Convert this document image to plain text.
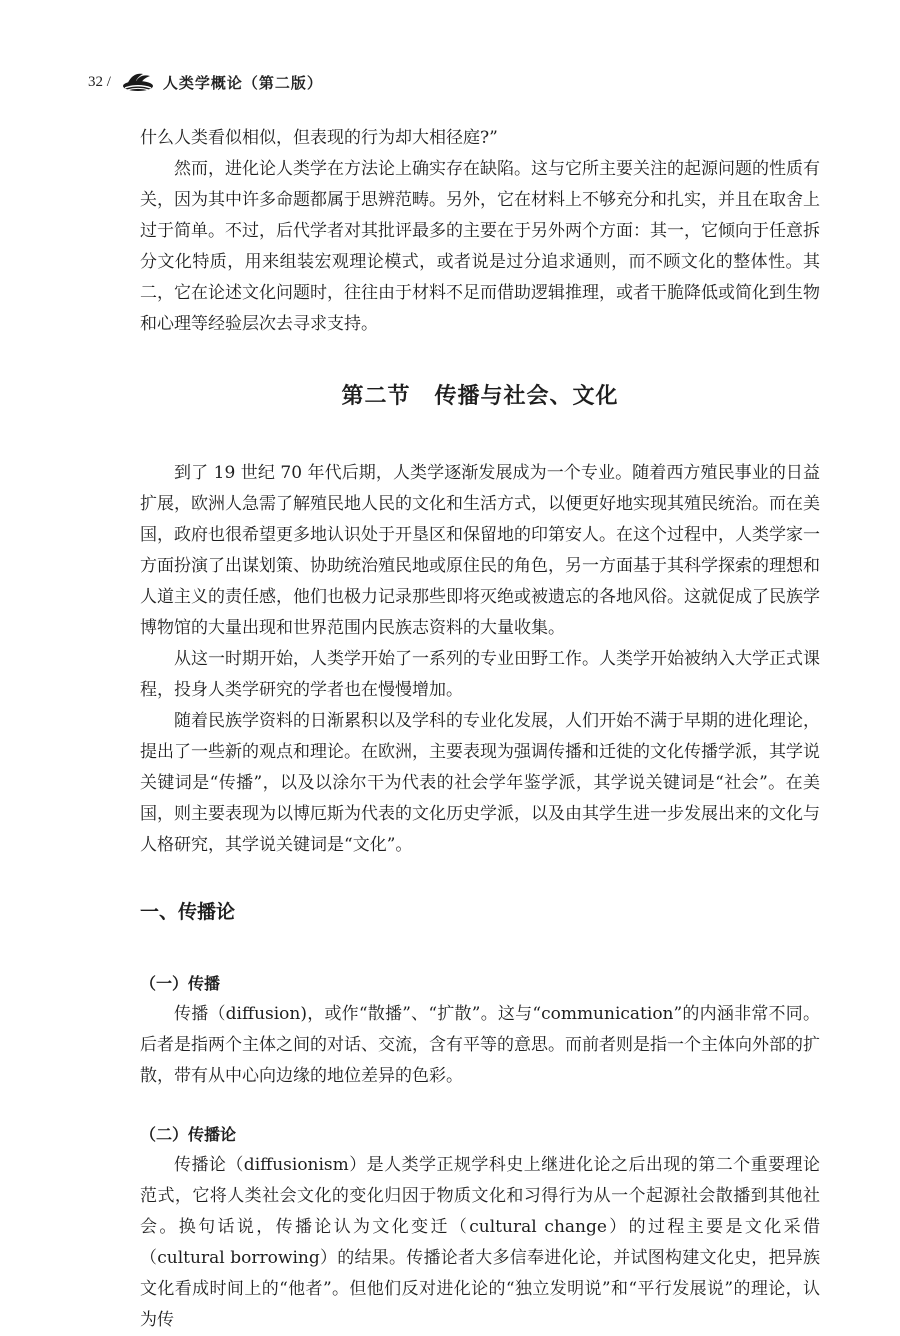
32 /	人类学概论（第二版）

什么人类看似相似，但表现的行为却大相径庭?”

然而，进化论人类学在方法论上确实存在缺陷。这与它所主要关注的起源问题的性质有关，因为其中许多命题都属于思辨范畴。另外，它在材料上不够充分和扎实，并且在取舍上过于简单。不过，后代学者对其批评最多的主要在于另外两个方面：其一，它倾向于任意拆分文化特质，用来组装宏观理论模式，或者说是过分追求通则，而不顾文化的整体性。其二，它在论述文化问题时，往往由于材料不足而借助逻辑推理，或者干脆降低或简化到生物和心理等经验层次去寻求支持。

第二节 传播与社会、文化

到了 19 世纪 70 年代后期，人类学逐渐发展成为一个专业。随着西方殖民事业的日益扩展，欧洲人急需了解殖民地人民的文化和生活方式，以便更好地实现其殖民统治。而在美国，政府也很希望更多地认识处于开垦区和保留地的印第安人。在这个过程中，人类学家一方面扮演了出谋划策、协助统治殖民地或原住民的角色，另一方面基于其科学探索的理想和人道主义的责任感，他们也极力记录那些即将灭绝或被遗忘的各地风俗。这就促成了民族学博物馆的大量出现和世界范围内民族志资料的大量收集。

从这一时期开始，人类学开始了一系列的专业田野工作。人类学开始被纳入大学正式课程，投身人类学研究的学者也在慢慢增加。

随着民族学资料的日渐累积以及学科的专业化发展，人们开始不满于早期的进化理论，提出了一些新的观点和理论。在欧洲，主要表现为强调传播和迁徙的文化传播学派，其学说关键词是“传播”，以及以涂尔干为代表的社会学年鉴学派，其学说关键词是“社会”。在美国，则主要表现为以博厄斯为代表的文化历史学派，以及由其学生进一步发展出来的文化与人格研究，其学说关键词是“文化”。

一、传播论
（一）传播

传播（diffusion)，或作“散播”、“扩散”。这与“communication”的内涵非常不同。后者是指两个主体之间的对话、交流，含有平等的意思。而前者则是指一个主体向外部的扩散，带有从中心向边缘的地位差异的色彩。

（二）传播论

传播论（diffusionism）是人类学正规学科史上继进化论之后出现的第二个重要理论范式，它将人类社会文化的变化归因于物质文化和习得行为从一个起源社会散播到其他社会。换句话说，传播论认为文化变迁（cultural change）的过程主要是文化采借（cultural borrowing）的结果。传播论者大多信奉进化论，并试图构建文化史，把异族文化看成时间上的“他者”。但他们反对进化论的“独立发明说”和“平行发展说”的理论，认为传
